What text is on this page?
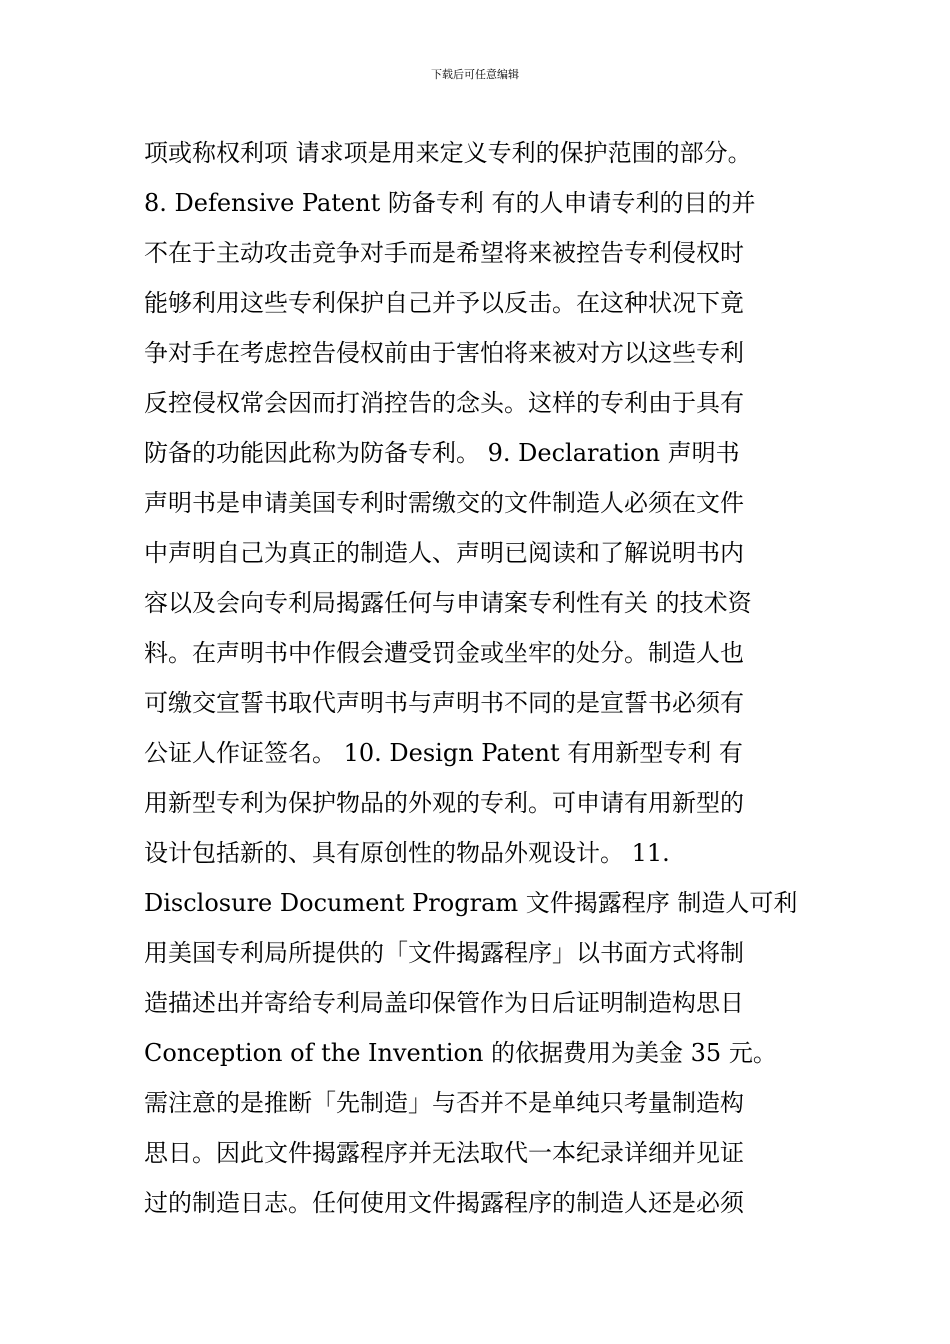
下载后可任意编辑
项或称权利项 请求项是用来定义专利的保护范围的部分。
8. Defensive Patent 防备专利 有的人申请专利的目的并
不在于主动攻击竞争对手而是希望将来被控告专利侵权时
能够利用这些专利保护自己并予以反击。在这种状况下竟
争对手在考虑控告侵权前由于害怕将来被对方以这些专利
反控侵权常会因而打消控告的念头。这样的专利由于具有
防备的功能因此称为防备专利。 9. Declaration 声明书
声明书是申请美国专利时需缴交的文件制造人必须在文件
中声明自己为真正的制造人、声明已阅读和了解说明书内
容以及会向专利局揭露任何与申请案专利性有关 的技术资
料。在声明书中作假会遭受罚金或坐牢的处分。制造人也
可缴交宣誓书取代声明书与声明书不同的是宣誓书必须有
公证人作证签名。 10. Design Patent 有用新型专利 有
用新型专利为保护物品的外观的专利。可申请有用新型的
设计包括新的、具有原创性的物品外观设计。 11.
Disclosure Document Program 文件揭露程序 制造人可利
用美国专利局所提供的「文件揭露程序」以书面方式将制
造描述出并寄给专利局盖印保管作为日后证明制造构思日
Conception of the Invention 的依据费用为美金 35 元。
需注意的是推断「先制造」与否并不是单纯只考量制造构
思日。因此文件揭露程序并无法取代一本纪录详细并见证
过的制造日志。任何使用文件揭露程序的制造人还是必须
